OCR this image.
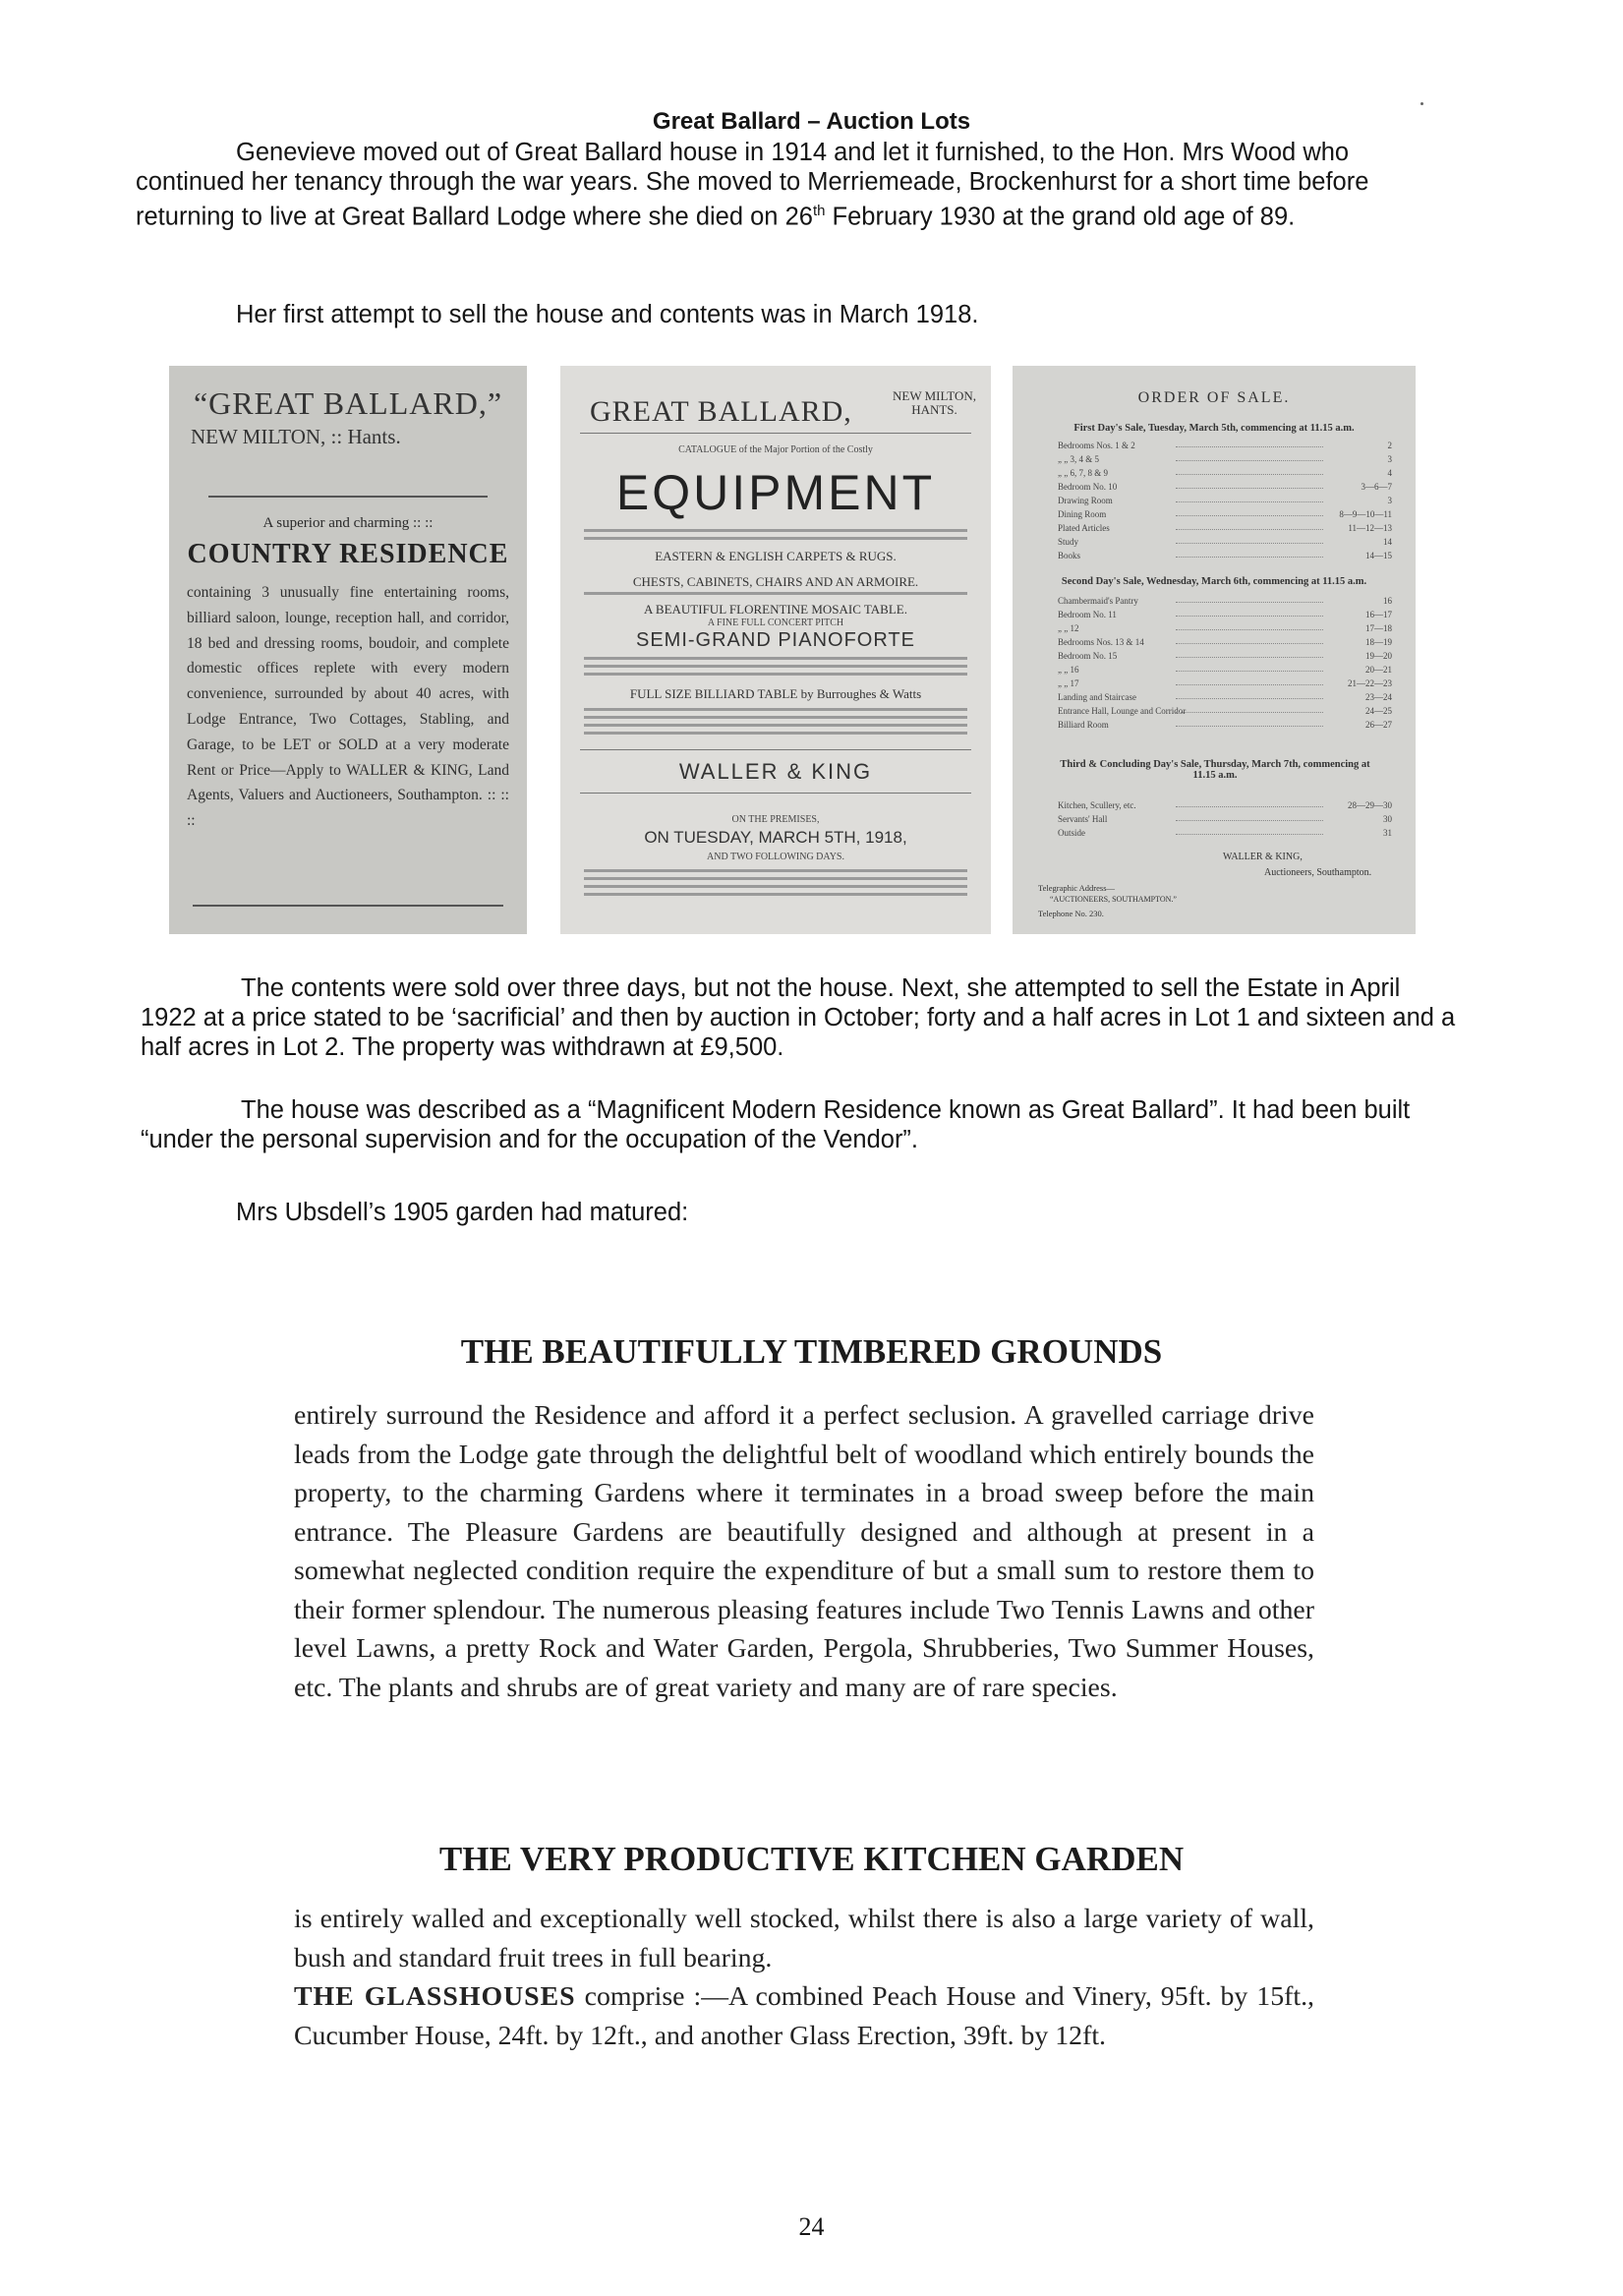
Great Ballard – Auction Lots

Genevieve moved out of Great Ballard house in 1914 and let it furnished, to the Hon. Mrs Wood who continued her tenancy through the war years. She moved to Merriemeade, Brockenhurst for a short time before returning to live at Great Ballard Lodge where she died on 26th February 1930 at the grand old age of 89.

Her first attempt to sell the house and contents was in March 1918.
“GREAT BALLARD,”
NEW MILTON, :: Hants.
A superior and charming :: ::
COUNTRY RESIDENCE
containing 3 unusually fine entertaining rooms, billiard saloon, lounge, reception hall, and corridor, 18 bed and dressing rooms, boudoir, and complete domestic offices replete with every modern convenience, surrounded by about 40 acres, with Lodge Entrance, Two Cottages, Stabling, and Garage, to be LET or SOLD at a very moderate Rent or Price—Apply to WALLER & KING, Land Agents, Valuers and Auctioneers, Southampton. :: :: ::
GREAT BALLARD,	NEW MILTON,
HANTS.
CATALOGUE of the Major Portion of the Costly
EQUIPMENT
EASTERN & ENGLISH CARPETS & RUGS.
CHESTS, CABINETS, CHAIRS AND AN ARMOIRE.
A BEAUTIFUL FLORENTINE MOSAIC TABLE.
A FINE FULL CONCERT PITCH
SEMI-GRAND PIANOFORTE
FULL SIZE BILLIARD TABLE by Burroughes & Watts
WALLER & KING
ON THE PREMISES,
ON TUESDAY, MARCH 5TH, 1918,
AND TWO FOLLOWING DAYS.
ORDER OF SALE.
First Day's Sale, Tuesday, March 5th, commencing at 11.15 a.m.
Bedrooms Nos. 1 & 2	2
„ „ 3, 4 & 5	3
„ „ 6, 7, 8 & 9	4
Bedroom No. 10	3—6—7
Drawing Room	3
Dining Room	8—9—10—11
Plated Articles	11—12—13
Study	14
Books	14—15
Second Day's Sale, Wednesday, March 6th, commencing at 11.15 a.m.
Chambermaid's Pantry	16
Bedroom No. 11	16—17
„ „ 12	17—18
Bedrooms Nos. 13 & 14	18—19
Bedroom No. 15	19—20
„ „ 16	20—21
„ „ 17	21—22—23
Landing and Staircase	23—24
Entrance Hall, Lounge and Corridor	24—25
Billiard Room	26—27
Third & Concluding Day's Sale, Thursday, March 7th, commencing at 11.15 a.m.
Kitchen, Scullery, etc.	28—29—30
Servants' Hall	30
Outside	31
WALLER & KING,
Auctioneers, Southampton.
Telegraphic Address—
“AUCTIONEERS, SOUTHAMPTON.”
Telephone No. 230.
The contents were sold over three days, but not the house. Next, she attempted to sell the Estate in April 1922 at a price stated to be ‘sacrificial’ and then by auction in October; forty and a half acres in Lot 1 and sixteen and a half acres in Lot 2. The property was withdrawn at £9,500.
The house was described as a “Magnificent Modern Residence known as Great Ballard”. It had been built “under the personal supervision and for the occupation of the Vendor”.
Mrs Ubsdell’s 1905 garden had matured:
THE BEAUTIFULLY TIMBERED GROUNDS
entirely surround the Residence and afford it a perfect seclusion. A gravelled carriage drive leads from the Lodge gate through the delightful belt of woodland which entirely bounds the property, to the charming Gardens where it terminates in a broad sweep before the main entrance. The Pleasure Gardens are beautifully designed and although at present in a somewhat neglected condition require the expenditure of but a small sum to restore them to their former splendour. The numerous pleasing features include Two Tennis Lawns and other level Lawns, a pretty Rock and Water Garden, Pergola, Shrubberies, Two Summer Houses, etc. The plants and shrubs are of great variety and many are of rare species.
THE VERY PRODUCTIVE KITCHEN GARDEN
is entirely walled and exceptionally well stocked, whilst there is also a large variety of wall, bush and standard fruit trees in full bearing.
THE GLASSHOUSES comprise :—A combined Peach House and Vinery, 95ft. by 15ft., Cucumber House, 24ft. by 12ft., and another Glass Erection, 39ft. by 12ft.
24
